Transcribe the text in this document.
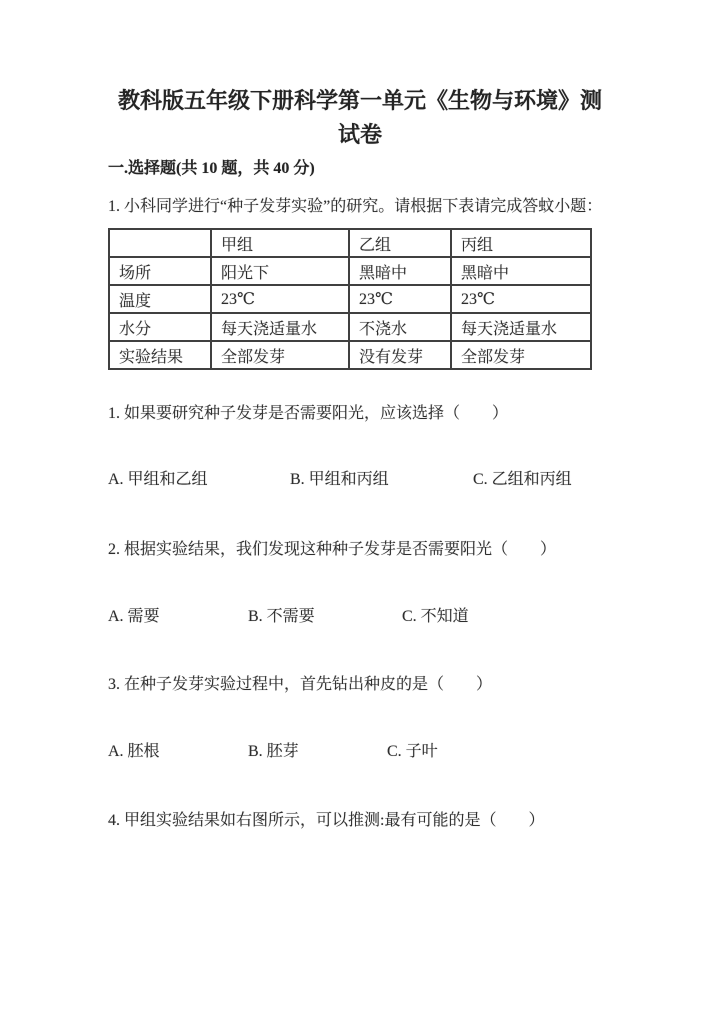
教科版五年级下册科学第一单元《生物与环境》测
试卷
一.选择题(共 10 题，共 40 分)
1. 小科同学进行“种子发芽实验”的研究。请根据下表请完成答蚊小题：
	甲组	乙组	丙组
场所	阳光下	黑暗中	黑暗中
温度	23℃	23℃	23℃
水分	每天浇适量水	不浇水	每天浇适量水
实验结果	全部发芽	没有发芽	全部发芽
1. 如果要研究种子发芽是否需要阳光，应该选择（　　）
A. 甲组和乙组	B. 甲组和丙组	C. 乙组和丙组
2. 根据实验结果，我们发现这种种子发芽是否需要阳光（　　）
A. 需要	B. 不需要	C. 不知道
3. 在种子发芽实验过程中，首先钻出种皮的是（　　）
A. 胚根	B. 胚芽	C. 子叶
4. 甲组实验结果如右图所示，可以推测:最有可能的是（　　）
